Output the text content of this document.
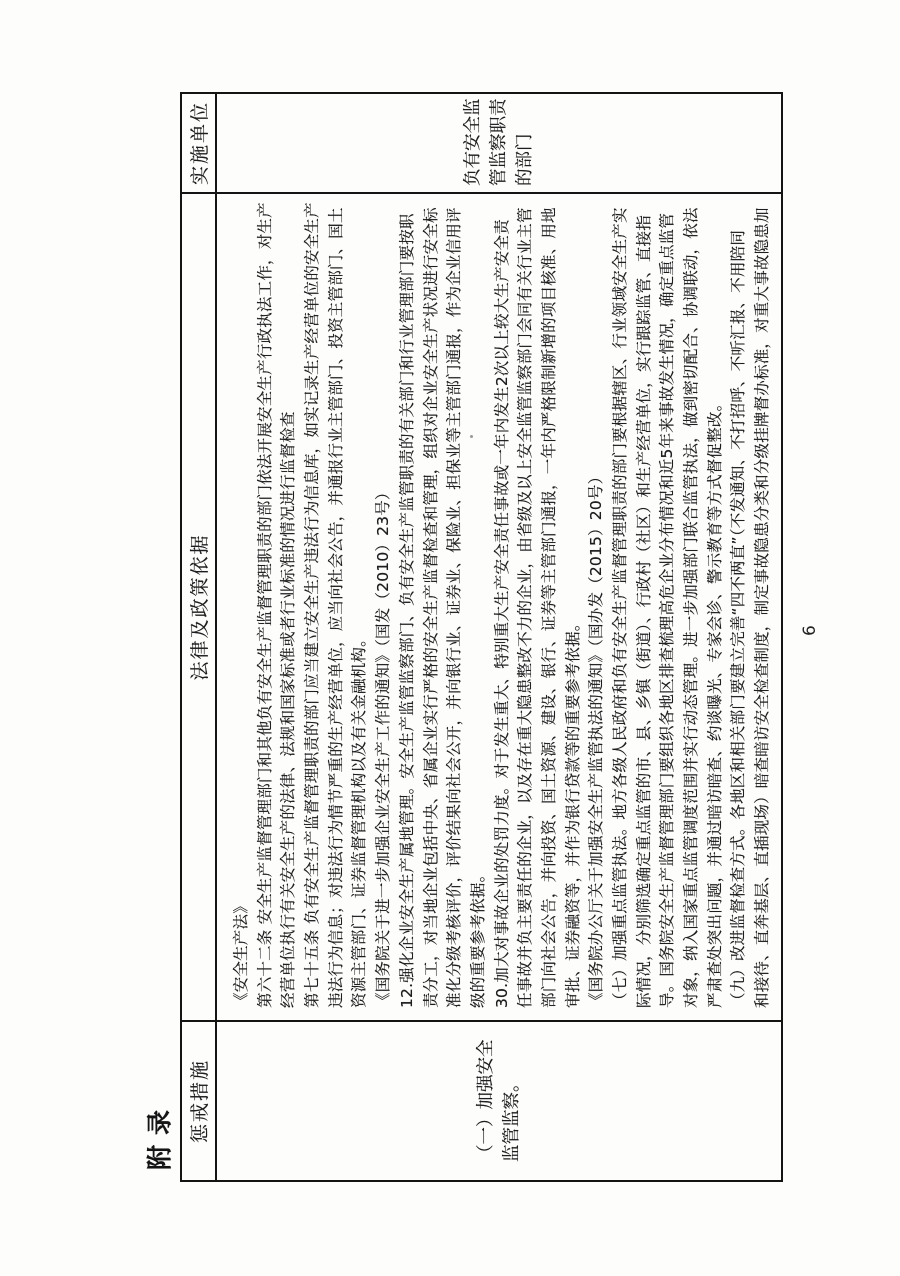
附录 惩戒措施
法律及政策依据
实施单位
（一）加强安全监管监察。
《安全生产法》 第六十二条 安全生产监督管理部门和其他负有安全生产监督管理职责的部门依法开展安全生产行政执法工作，对生产 经营单位执行有关安全生产的法律、法规和国家标准或者行业标准的情况进行监督检查 第七十五条 负有安全生产监督管理职责的部门应当建立安全生产违法行为信息库，如实记录生产经营单位的安全生产 违法行为信息；对违法行为情节严重的生产经营单位，应当向社会公告，并通报行业主管部门、投资主管部门、国土 资源主管部门、证券监督管理机构以及有关金融机构。 《国务院关于进一步加强企业安全生产工作的通知》（国发（2010）23号） 12.强化企业安全生产属地管理。安全生产监管监察部门、负有安全生产监管职责的有关部门和行业管理部门要按职 责分工，对当地企业包括中央、省属企业实行严格的安全生产监督检查和管理，组织对企业安全生产状况进行安全标 准化分级考核评价，评价结果向社会公开，并向银行业、证券业、保险业、担保业等主管部门通报，作为企业信用评 级的重要参考依据。 30.加大对事故企业的处罚力度。对于发生重大、特别重大生产安全责任事故或一年内发生2次以上较大生产安全责 任事故并负主要责任的企业，以及存在重大隐患整改不力的企业，由省级及以上安全监管监察部门会同有关行业主管 部门向社会公告，并向投资、国土资源、建设、银行、证券等主管部门通报，一年内严格限制新增的项目核准、用地 审批、证券融资等，并作为银行贷款等的重要参考依据。 《国务院办公厅关于加强安全生产监管执法的通知》（国办发（2015）20号） （七）加强重点监管执法。地方各级人民政府和负有安全生产监督管理职责的部门要根据辖区、行业领域安全生产实 际情况，分别筛选确定重点监管的市、县、乡镇（街道）、行政村（社区）和生产经营单位，实行跟踪监管、直接指 导。国务院安全生产监督管理部门要组织各地区排查梳理高危企业分布情况和近5年来事故发生情况，确定重点监管 对象，纳入国家重点监管调度范围并实行动态管理。进一步加强部门联合监管执法，做到密切配合、协调联动，依法 严肃查处突出问题，并通过暗访暗查、约谈曝光、专家会诊、警示教育等方式督促整改。 （九）改进监督检查方式。各地区和相关部门要建立完善“四不两直”（不发通知、不打招呼、不听汇报、不用陪同 和接待、直奔基层、直插现场）暗查暗访安全检查制度，制定事故隐患分类和分级挂牌督办标准，对重大事故隐患加
负有安全监管监察职责的部门
6
